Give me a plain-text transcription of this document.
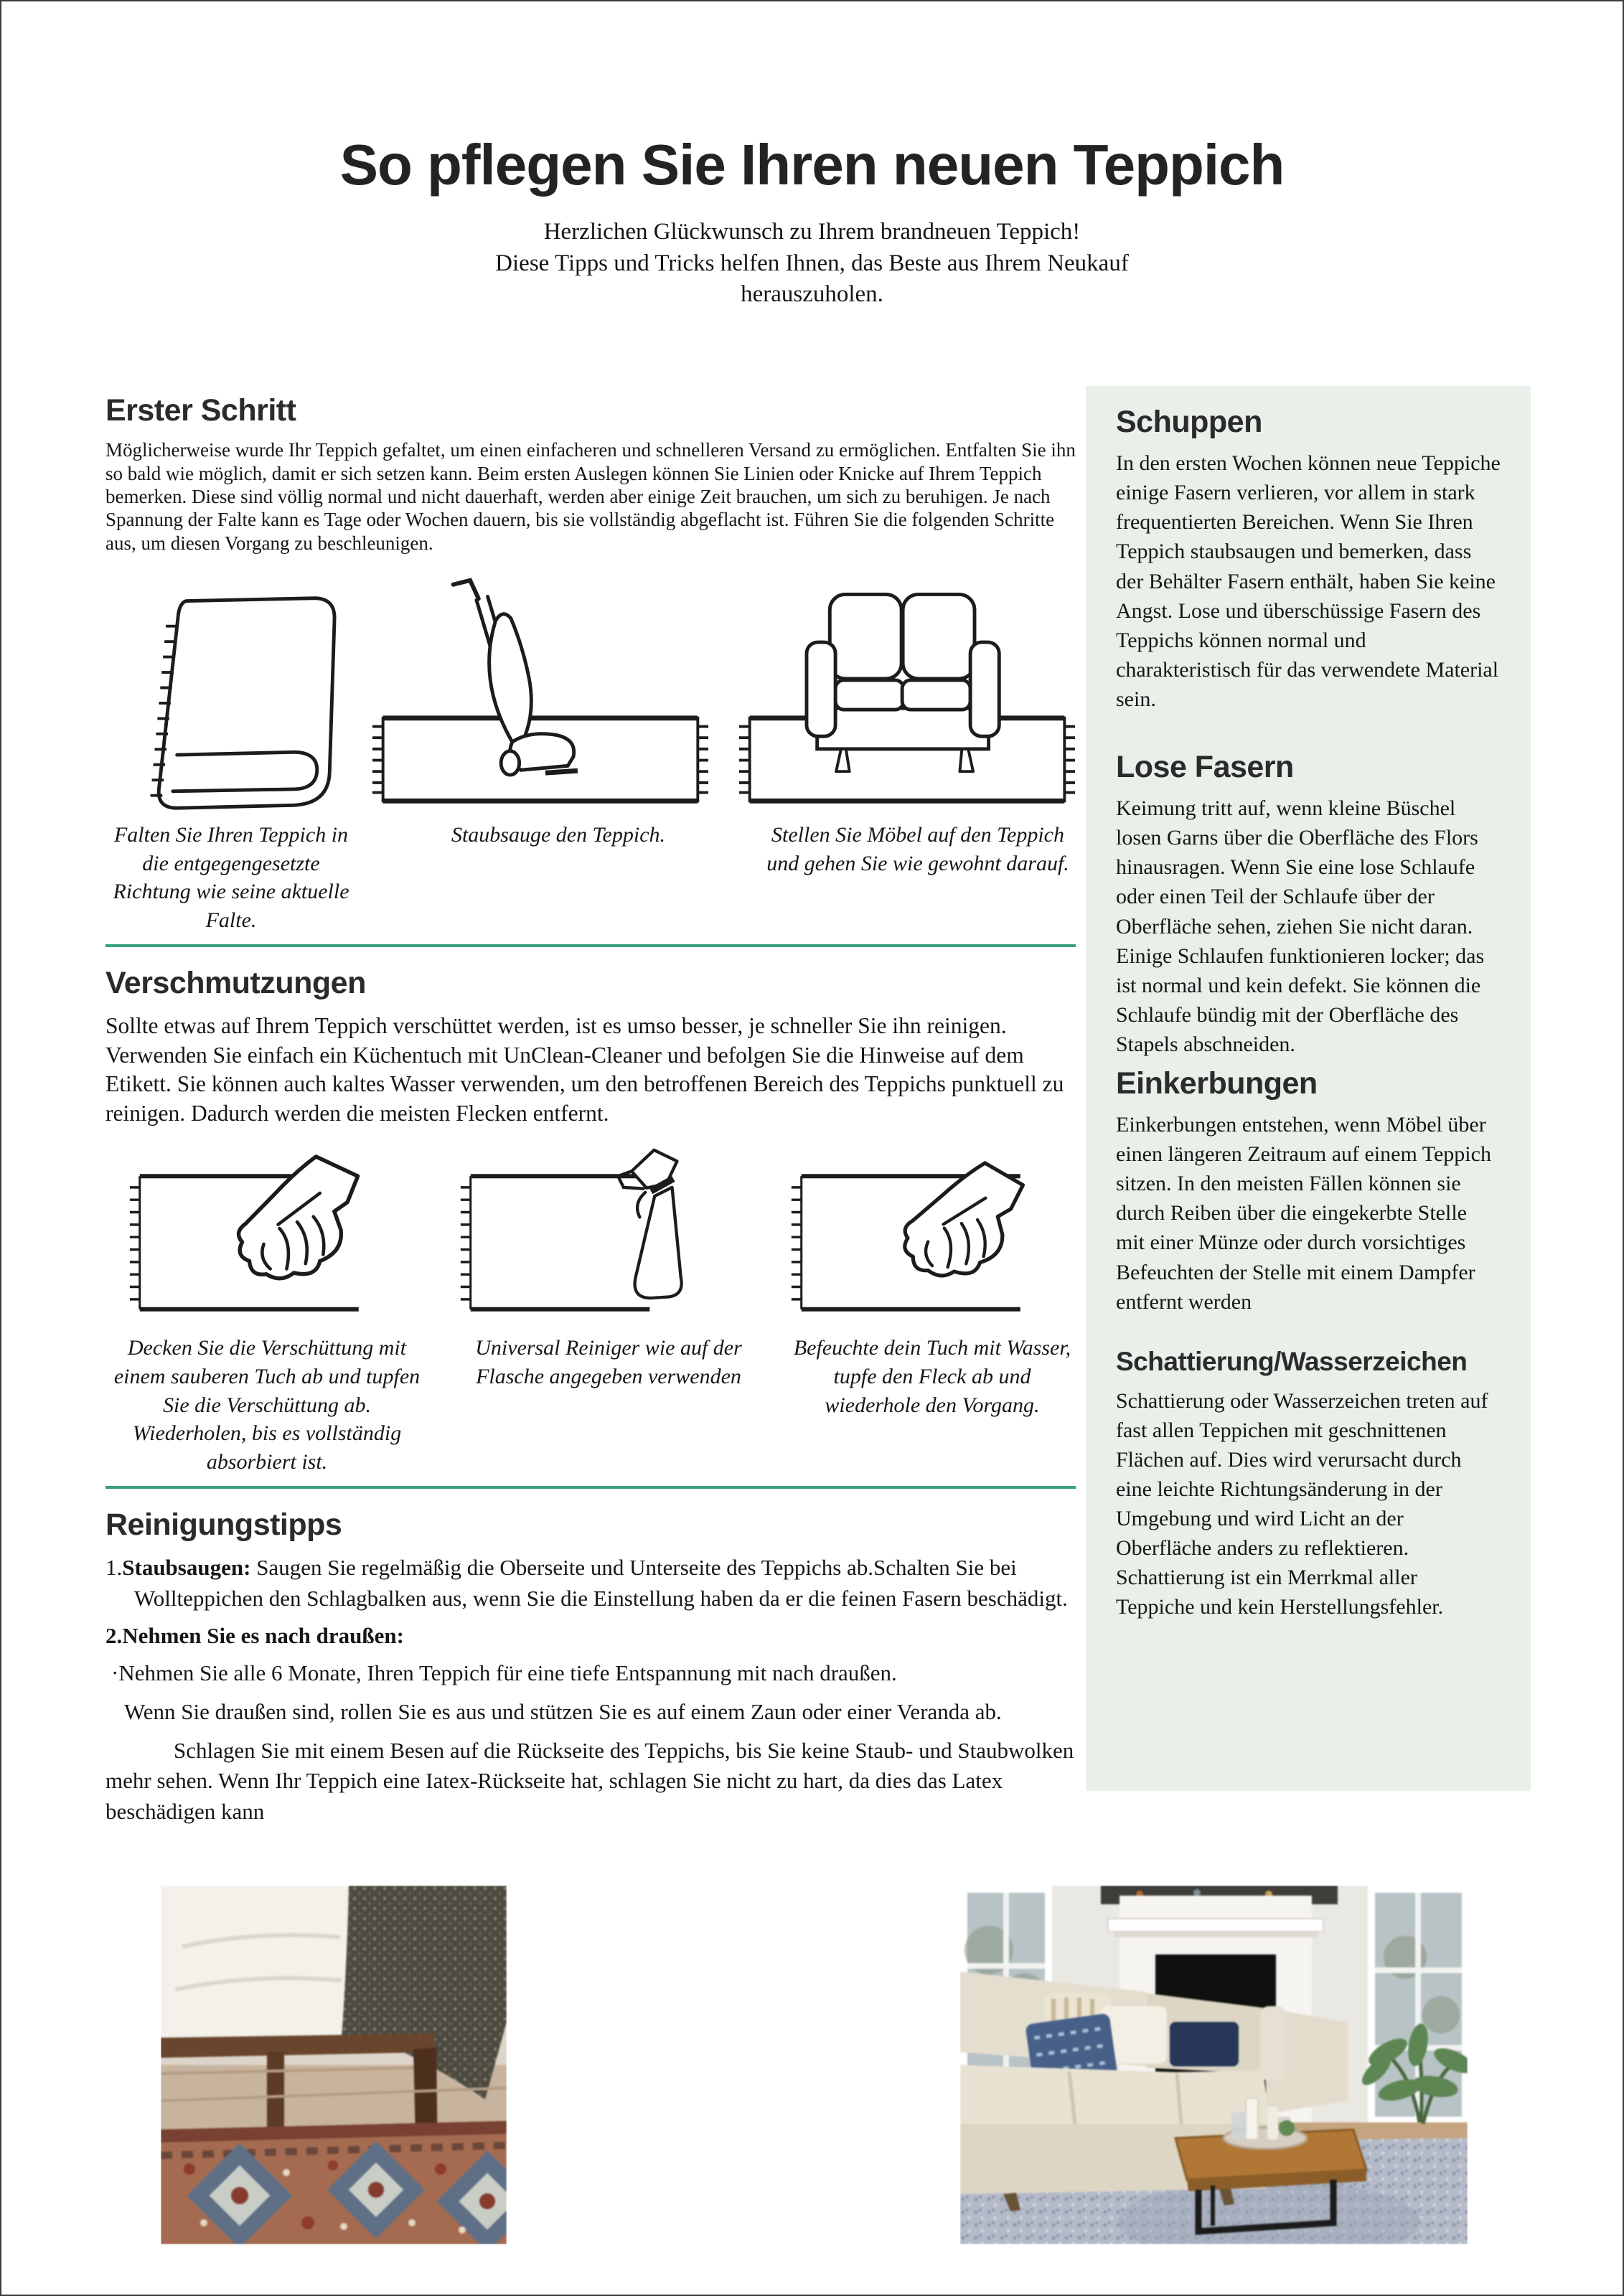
So pflegen Sie Ihren neuen Teppich
Herzlichen Glückwunsch zu Ihrem brandneuen Teppich!
Diese Tipps und Tricks helfen Ihnen, das Beste aus Ihrem Neukauf
herauszuholen.
Erster Schritt

Möglicherweise wurde Ihr Teppich gefaltet, um einen einfacheren und schnelleren Versand zu ermöglichen. Entfalten Sie ihn so bald wie möglich, damit er sich setzen kann. Beim ersten Auslegen können Sie Linien oder Knicke auf Ihrem Teppich bemerken. Diese sind völlig normal und nicht dauerhaft, werden aber einige Zeit brauchen, um sich zu beruhigen. Je nach Spannung der Falte kann es Tage oder Wochen dauern, bis sie vollständig abgeflacht ist. Führen Sie die folgenden Schritte aus, um diesen Vorgang zu beschleunigen.

Falten Sie Ihren Teppich in die entgegengesetzte Richtung wie seine aktuelle Falte.
Staubsauge den Teppich.	Stellen Sie Möbel auf den Teppich und gehen Sie wie gewohnt darauf.
Verschmutzungen

Sollte etwas auf Ihrem Teppich verschüttet werden, ist es umso besser, je schneller Sie ihn reinigen. Verwenden Sie einfach ein Küchentuch mit UnClean-Cleaner und befolgen Sie die Hinweise auf dem Etikett. Sie können auch kaltes Wasser verwenden, um den betroffenen Bereich des Teppichs punktuell zu reinigen. Dadurch werden die meisten Flecken entfernt.

Decken Sie die Verschüttung mit einem sauberen Tuch ab und tupfen Sie die Verschüttung ab. Wiederholen, bis es vollständig absorbiert ist.
Universal Reiniger wie auf der Flasche angegeben verwenden
Befeuchte dein Tuch mit Wasser, tupfe den Fleck ab und wiederhole den Vorgang.
Reinigungstipps
1.Staubsaugen: Saugen Sie regelmäßig die Oberseite und Unterseite des Teppichs ab.Schalten Sie bei Wollteppichen den Schlagbalken aus, wenn Sie die Einstellung haben da er die feinen Fasern beschädigt.
2.Nehmen Sie es nach draußen:

·Nehmen Sie alle 6 Monate, Ihren Teppich für eine tiefe Entspannung mit nach draußen.

Wenn Sie draußen sind, rollen Sie es aus und stützen Sie es auf einem Zaun oder einer Veranda ab.

Schlagen Sie mit einem Besen auf die Rückseite des Teppichs, bis Sie keine Staub- und Staubwolken mehr sehen. Wenn Ihr Teppich eine Iatex-Rückseite hat, schlagen Sie nicht zu hart, da dies das Latex beschädigen kann

Schuppen

In den ersten Wochen können neue Teppiche einige Fasern verlieren, vor allem in stark frequentierten Bereichen. Wenn Sie Ihren Teppich staubsaugen und bemerken, dass der Behälter Fasern enthält, haben Sie keine Angst. Lose und überschüssige Fasern des Teppichs können normal und charakteristisch für das verwendete Material sein.

Lose Fasern

Keimung tritt auf, wenn kleine Büschel losen Garns über die Oberfläche des Flors hinausragen. Wenn Sie eine lose Schlaufe oder einen Teil der Schlaufe über der Oberfläche sehen, ziehen Sie nicht daran. Einige Schlaufen funktionieren locker; das ist normal und kein defekt. Sie können die Schlaufe bündig mit der Oberfläche des Stapels abschneiden.

Einkerbungen

Einkerbungen entstehen, wenn Möbel über einen längeren Zeitraum auf einem Teppich sitzen. In den meisten Fällen können sie durch Reiben über die eingekerbte Stelle mit einer Münze oder durch vorsichtiges Befeuchten der Stelle mit einem Dampfer entfernt werden

Schattierung/Wasserzeichen

Schattierung oder Wasserzeichen treten auf fast allen Teppichen mit geschnittenen Flächen auf. Dies wird verursacht durch eine leichte Richtungsänderung in der Umgebung und wird Licht an der Oberfläche anders zu reflektieren. Schattierung ist ein Merrkmal aller Teppiche und kein Herstellungsfehler.
